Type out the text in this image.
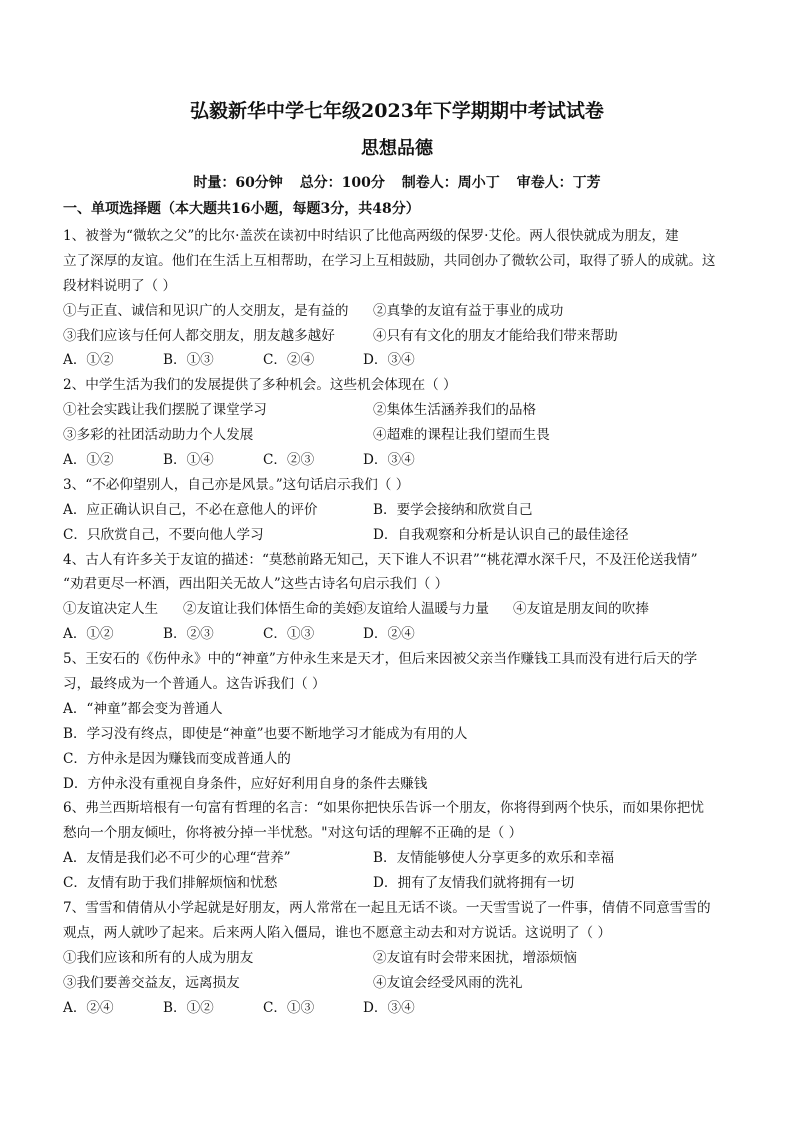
弘毅新华中学七年级2023年下学期期中考试试卷
思想品德
时量：60分钟 总分：100分 制卷人：周小丁 审卷人：丁芳
一、单项选择题（本大题共16小题，每题3分，共48分）
1、被誉为“微软之父”的比尔·盖茨在读初中时结识了比他高两级的保罗·艾伦。两人很快就成为朋友，建
立了深厚的友谊。他们在生活上互相帮助，在学习上互相鼓励，共同创办了微软公司，取得了骄人的成就。这
段材料说明了（ ）
①与正直、诚信和见识广的人交朋友，是有益的	②真挚的友谊有益于事业的成功
③我们应该与任何人都交朋友，朋友越多越好	④只有有文化的朋友才能给我们带来帮助
A．①②	B．①③	C．②④	D．③④
2、中学生活为我们的发展提供了多种机会。这些机会体现在（ ）
①社会实践让我们摆脱了课堂学习	②集体生活涵养我们的品格
③多彩的社团活动助力个人发展	④超难的课程让我们望而生畏
A．①②	B．①④	C．②③	D．③④
3、“不必仰望别人，自己亦是风景。”这句话启示我们（ ）
A．应正确认识自己，不必在意他人的评价	B．要学会接纳和欣赏自己
C．只欣赏自己，不要向他人学习	D．自我观察和分析是认识自己的最佳途径
4、古人有许多关于友谊的描述：“莫愁前路无知己，天下谁人不识君”“桃花潭水深千尺，不及汪伦送我情”
“劝君更尽一杯酒，西出阳关无故人”这些古诗名句启示我们（ ）
①友谊决定人生	②友谊让我们体悟生命的美好
③友谊给人温暖与力量	④友谊是朋友间的吹捧
A．①②	B．②③	C．①③	D．②④
5、王安石的《伤仲永》中的“神童”方仲永生来是天才，但后来因被父亲当作赚钱工具而没有进行后天的学
习，最终成为一个普通人。这告诉我们（ ）
A．“神童”都会变为普通人
B．学习没有终点，即使是“神童”也要不断地学习才能成为有用的人
C．方仲永是因为赚钱而变成普通人的
D．方仲永没有重视自身条件，应好好利用自身的条件去赚钱
6、弗兰西斯培根有一句富有哲理的名言：“如果你把快乐告诉一个朋友，你将得到两个快乐，而如果你把忧
愁向一个朋友倾吐，你将被分掉一半忧愁。"对这句话的理解不正确的是（ ）
A．友情是我们必不可少的心理“营养”	B．友情能够使人分享更多的欢乐和幸福
C．友情有助于我们排解烦恼和忧愁	D．拥有了友情我们就将拥有一切
7、雪雪和倩倩从小学起就是好朋友，两人常常在一起且无话不谈。一天雪雪说了一件事，倩倩不同意雪雪的
观点，两人就吵了起来。后来两人陷入僵局，谁也不愿意主动去和对方说话。这说明了（ ）
①我们应该和所有的人成为朋友	②友谊有时会带来困扰，增添烦恼
③我们要善交益友，远离损友	④友谊会经受风雨的洗礼
A．②④	B．①②	C．①③	D．③④
